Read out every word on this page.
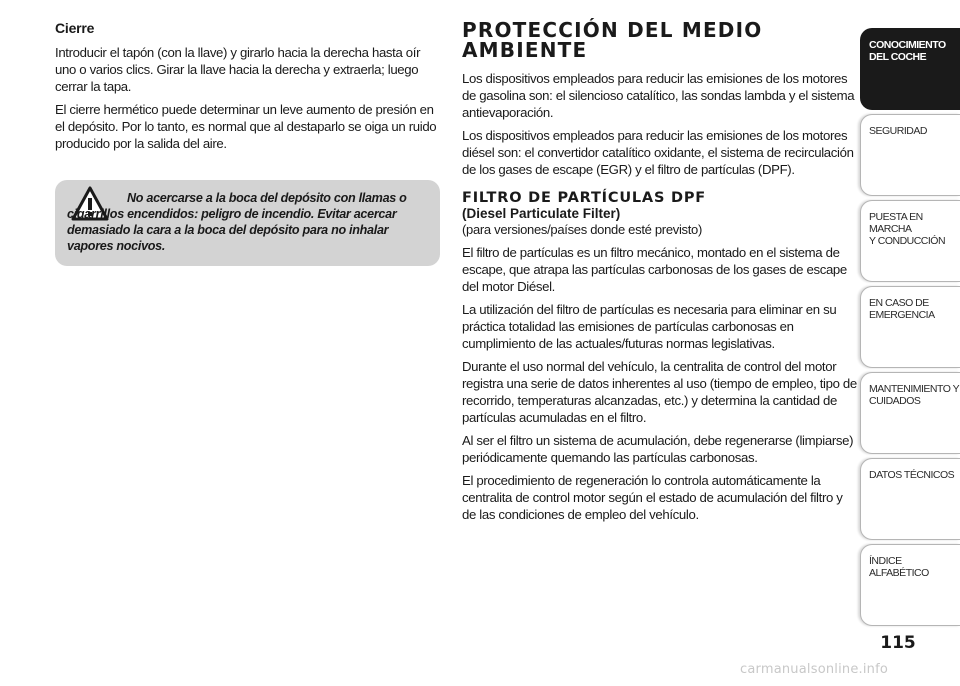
Cierre

Introducir el tapón (con la llave) y girarlo hacia la derecha hasta oír uno o varios clics. Girar la llave hacia la derecha y extraerla; luego cerrar la tapa.

El cierre hermético puede determinar un leve aumento de presión en el depósito. Por lo tanto, es normal que al destaparlo se oiga un ruido producido por la salida del aire.

No acercarse a la boca del depósito con llamas o cigarrillos encendidos: peligro de incendio. Evitar acercar demasiado la cara a la boca del depósito para no inhalar vapores nocivos.
PROTECCIÓN DEL MEDIO AMBIENTE

Los dispositivos empleados para reducir las emisiones de los motores de gasolina son: el silencioso catalítico, las sondas lambda y el sistema antievaporación.

Los dispositivos empleados para reducir las emisiones de los motores diésel son: el convertidor catalítico oxidante, el sistema de recirculación de los gases de escape (EGR) y el filtro de partículas (DPF).

FILTRO DE PARTÍCULAS DPF
(Diesel Particulate Filter)
(para versiones/países donde esté previsto)

El filtro de partículas es un filtro mecánico, montado en el sistema de escape, que atrapa las partículas carbonosas de los gases de escape del motor Diésel.

La utilización del filtro de partículas es necesaria para eliminar en su práctica totalidad las emisiones de partículas carbonosas en cumplimiento de las actuales/futuras normas legislativas.

Durante el uso normal del vehículo, la centralita de control del motor registra una serie de datos inherentes al uso (tiempo de empleo, tipo de recorrido, temperaturas alcanzadas, etc.) y determina la cantidad de partículas acumuladas en el filtro.

Al ser el filtro un sistema de acumulación, debe regenerarse (limpiarse) periódicamente quemando las partículas carbonosas.

El procedimiento de regeneración lo controla automáticamente la centralita de control motor según el estado de acumulación del filtro y de las condiciones de empleo del vehículo.

CONOCIMIENTO
DEL COCHE
SEGURIDAD
PUESTA EN MARCHA
Y CONDUCCIÓN
EN CASO DE
EMERGENCIA
MANTENIMIENTO Y
CUIDADOS
DATOS TÉCNICOS
ÍNDICE ALFABÉTICO
115
carmanualsonline.info
